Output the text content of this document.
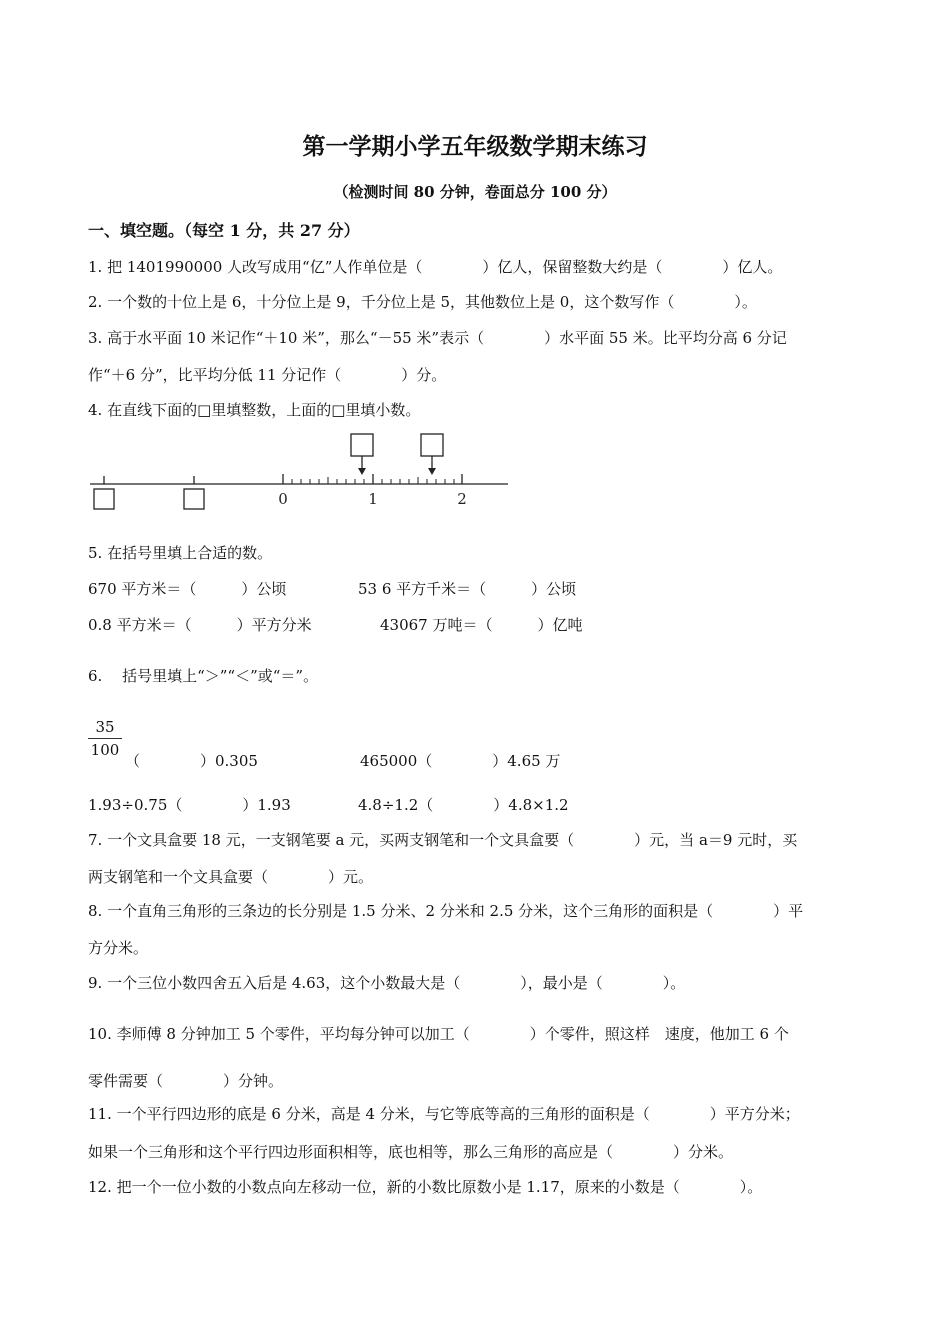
第一学期小学五年级数学期末练习
（检测时间 80 分钟，卷面总分 100 分）
一、填空题。（每空 1 分，共 27 分）
1. 把 1401990000 人改写成用“亿”人作单位是（　　　　）亿人，保留整数大约是（　　　　）亿人。
2. 一个数的十位上是 6，十分位上是 9，千分位上是 5，其他数位上是 0，这个数写作（　　　　）。
3. 高于水平面 10 米记作“＋10 米”，那么“－55 米”表示（　　　　）水平面 55 米。比平均分高 6 分记
作“＋6 分”，比平均分低 11 分记作（　　　　）分。
4. 在直线下面的□里填整数，上面的□里填小数。
0	1	2
5. 在括号里填上合适的数。
670 平方米＝（　　　）公顷	53 6 平方千米＝（　　　）公顷
0.8 平方米＝（　　　）平方分米	43067 万吨＝（　　　）亿吨
6.　 括号里填上“＞”“＜”或“＝”。
$\frac{35}{100}$
（　　　　）0.305	465000（　　　　）4.65 万
1.93÷0.75（　　　　）1.93	4.8÷1.2（　　　　）4.8×1.2
7. 一个文具盒要 18 元，一支钢笔要 a 元，买两支钢笔和一个文具盒要（　　　　）元，当 a＝9 元时，买
两支钢笔和一个文具盒要（　　　　）元。
8. 一个直角三角形的三条边的长分别是 1.5 分米、2 分米和 2.5 分米，这个三角形的面积是（　　　　）平
方分米。
9. 一个三位小数四舍五入后是 4.63，这个小数最大是（　　　　），最小是（　　　　）。
10. 李师傅 8 分钟加工 5 个零件，平均每分钟可以加工（　　　　）个零件，照这样　速度，他加工 6 个
零件需要（　　　　）分钟。
11. 一个平行四边形的底是 6 分米，高是 4 分米，与它等底等高的三角形的面积是（　　　　）平方分米；
如果一个三角形和这个平行四边形面积相等，底也相等，那么三角形的高应是（　　　　）分米。
12. 把一个一位小数的小数点向左移动一位，新的小数比原数小是 1.17，原来的小数是（　　　　）。
